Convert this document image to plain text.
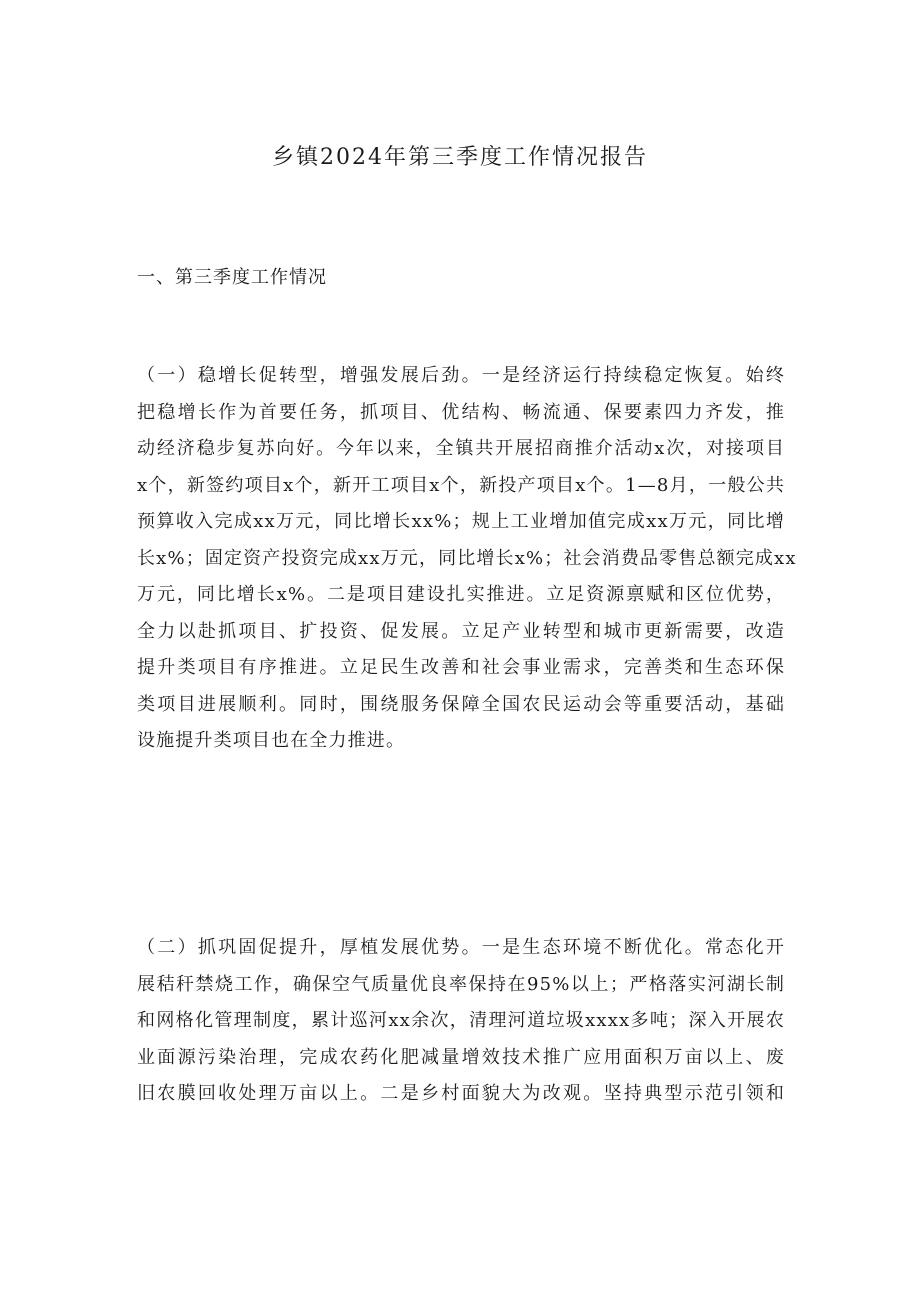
乡镇2024年第三季度工作情况报告
一、第三季度工作情况

（一）稳增长促转型，增强发展后劲。一是经济运行持续稳定恢复。始终
把稳增长作为首要任务，抓项目、优结构、畅流通、保要素四力齐发，推
动经济稳步复苏向好。今年以来，全镇共开展招商推介活动x次，对接项目
x个，新签约项目x个，新开工项目x个，新投产项目x个。1—8月，一般公共
预算收入完成xx万元，同比增长xx%；规上工业增加值完成xx万元，同比增
长x%；固定资产投资完成xx万元，同比增长x%；社会消费品零售总额完成xx
万元，同比增长x%。二是项目建设扎实推进。立足资源禀赋和区位优势，
全力以赴抓项目、扩投资、促发展。立足产业转型和城市更新需要，改造
提升类项目有序推进。立足民生改善和社会事业需求，完善类和生态环保
类项目进展顺利。同时，围绕服务保障全国农民运动会等重要活动，基础
设施提升类项目也在全力推进。

（二）抓巩固促提升，厚植发展优势。一是生态环境不断优化。常态化开
展秸秆禁烧工作，确保空气质量优良率保持在95%以上；严格落实河湖长制
和网格化管理制度，累计巡河xx余次，清理河道垃圾xxxx多吨；深入开展农
业面源污染治理，完成农药化肥减量增效技术推广应用面积万亩以上、废
旧农膜回收处理万亩以上。二是乡村面貌大为改观。坚持典型示范引领和
